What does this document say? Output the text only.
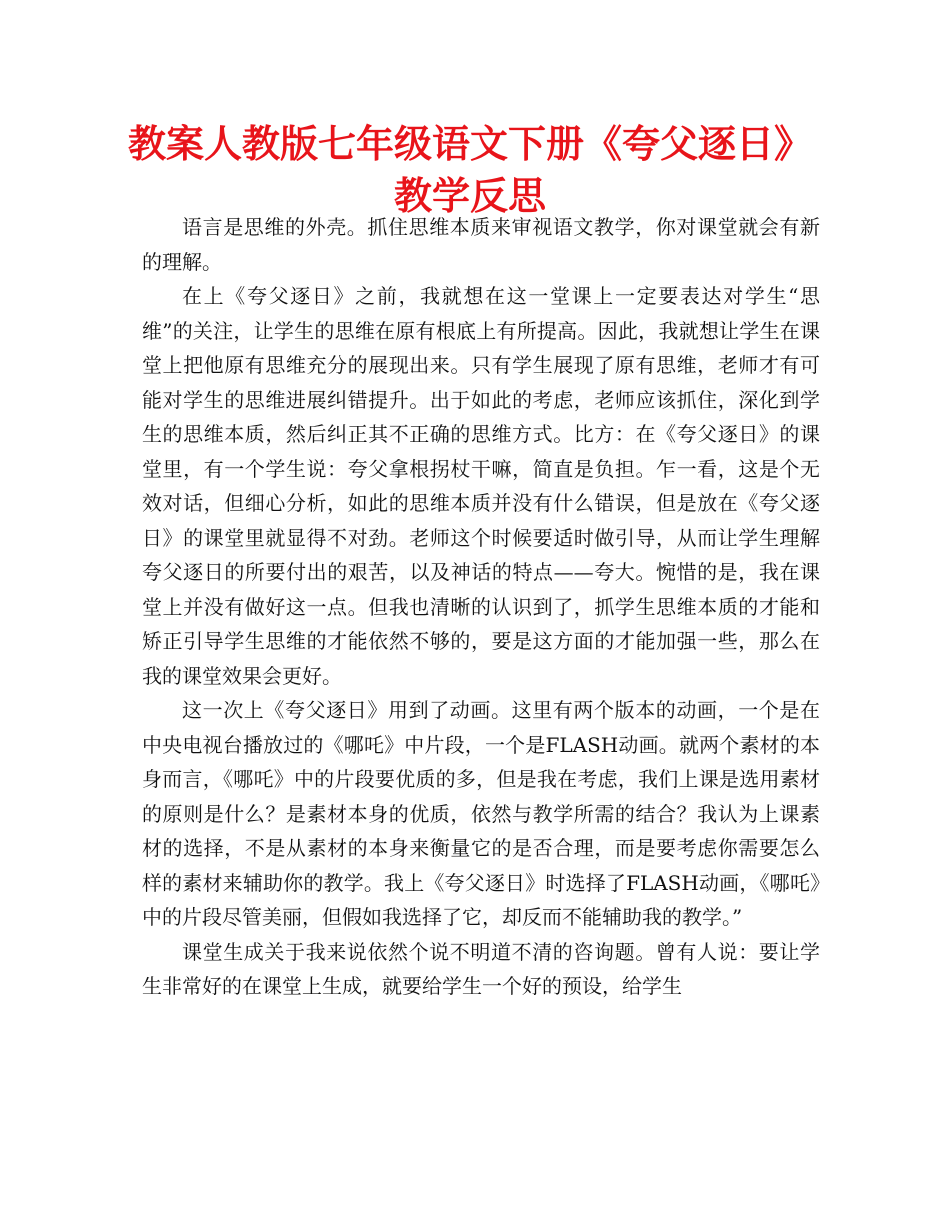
教案人教版七年级语文下册《夸父逐日》
教学反思

语言是思维的外壳。抓住思维本质来审视语文教学，你对课堂就会有新的理解。

在上《夸父逐日》之前，我就想在这一堂课上一定要表达对学生“思维”的关注，让学生的思维在原有根底上有所提高。因此，我就想让学生在课堂上把他原有思维充分的展现出来。只有学生展现了原有思维，老师才有可能对学生的思维进展纠错提升。出于如此的考虑，老师应该抓住，深化到学生的思维本质，然后纠正其不正确的思维方式。比方：在《夸父逐日》的课堂里，有一个学生说：夸父拿根拐杖干嘛，简直是负担。乍一看，这是个无效对话，但细心分析，如此的思维本质并没有什么错误，但是放在《夸父逐日》的课堂里就显得不对劲。老师这个时候要适时做引导，从而让学生理解夸父逐日的所要付出的艰苦，以及神话的特点——夸大。惋惜的是，我在课堂上并没有做好这一点。但我也清晰的认识到了，抓学生思维本质的才能和矫正引导学生思维的才能依然不够的，要是这方面的才能加强一些，那么在我的课堂效果会更好。

这一次上《夸父逐日》用到了动画。这里有两个版本的动画，一个是在中央电视台播放过的《哪吒》中片段，一个是FLASH动画。就两个素材的本身而言，《哪吒》中的片段要优质的多，但是我在考虑，我们上课是选用素材的原则是什么？是素材本身的优质，依然与教学所需的结合？我认为上课素材的选择，不是从素材的本身来衡量它的是否合理，而是要考虑你需要怎么样的素材来辅助你的教学。我上《夸父逐日》时选择了FLASH动画，《哪吒》中的片段尽管美丽，但假如我选择了它，却反而不能辅助我的教学。”

课堂生成关于我来说依然个说不明道不清的咨询题。曾有人说：要让学生非常好的在课堂上生成，就要给学生一个好的预设，给学生
